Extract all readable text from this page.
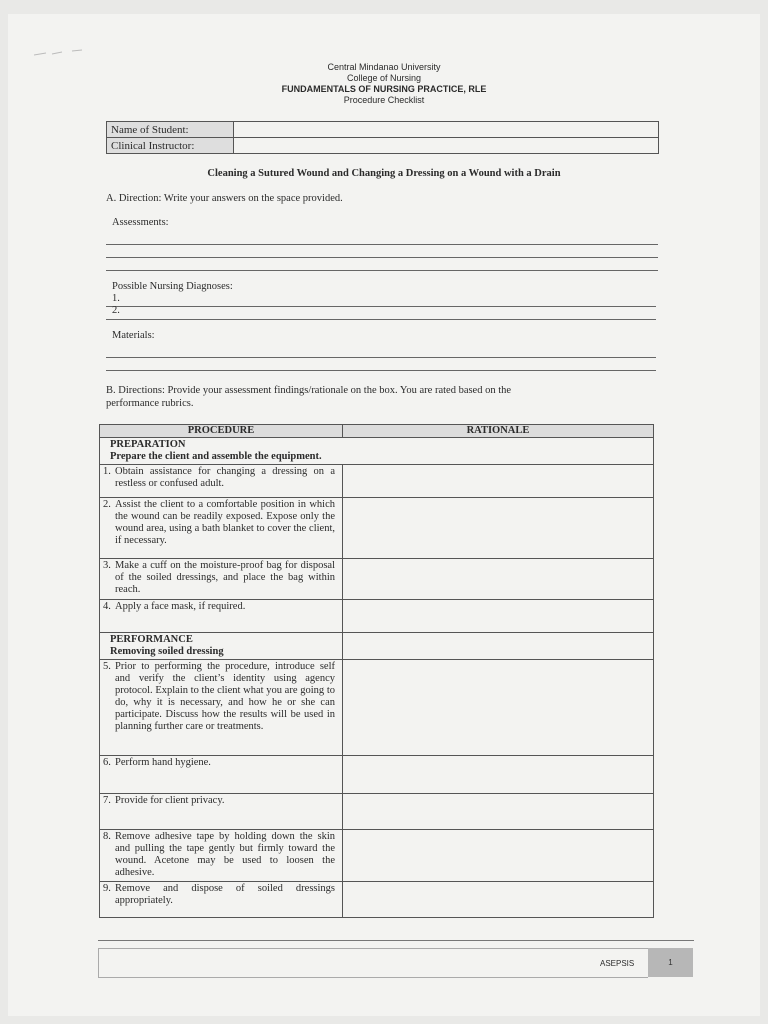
Central Mindanao University
College of Nursing
FUNDAMENTALS OF NURSING PRACTICE, RLE
Procedure Checklist
Name of Student:	
Clinical Instructor:	
Cleaning a Sutured Wound and Changing a Dressing on a Wound with a Drain
A. Direction: Write your answers on the space provided.
Assessments:
Possible Nursing Diagnoses:
1.
2.
Materials:
B. Directions: Provide your assessment findings/rationale on the box. You are rated based on the
performance rubrics.
PROCEDURE	RATIONALE

PREPARATION
Prepare the client and assemble the equipment.	

1. Obtain assistance for changing a dressing on a restless or confused adult.	

2. Assist the client to a comfortable position in which the wound can be readily exposed. Expose only the wound area, using a bath blanket to cover the client, if necessary.	

3. Make a cuff on the moisture-proof bag for disposal of the soiled dressings, and place the bag within reach.	

4. Apply a face mask, if required.	

PERFORMANCE
Removing soiled dressing	

5. Prior to performing the procedure, introduce self and verify the client’s identity using agency protocol. Explain to the client what you are going to do, why it is necessary, and how he or she can participate. Discuss how the results will be used in planning further care or treatments.	

6. Perform hand hygiene.	

7. Provide for client privacy.	

8. Remove adhesive tape by holding down the skin and pulling the tape gently but firmly toward the wound. Acetone may be used to loosen the adhesive.	

9. Remove and dispose of soiled dressings appropriately.	

ASEPSIS	1
